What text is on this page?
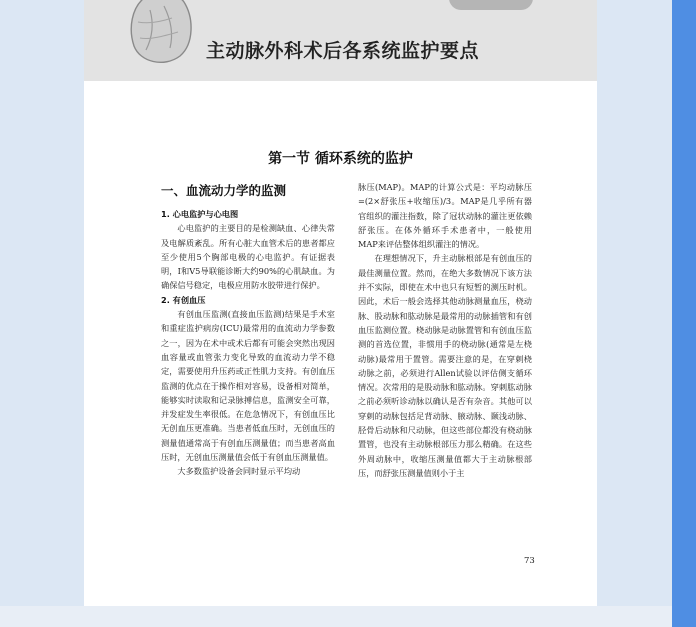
主动脉外科术后各系统监护要点
第一节 循环系统的监护
一、血流动力学的监测

1. 心电监护与心电图

心电监护的主要目的是检测缺血、心律失常及电解质紊乱。所有心脏大血管术后的患者都应至少使用5个胸部电极的心电监护。有证据表明，Ⅰ和V5导联能诊断大约90%的心肌缺血。为确保信号稳定，电极应用防水胶带进行保护。

2. 有创血压

有创血压监测(直接血压监测)结果是手术室和重症监护病房(ICU)最常用的血流动力学参数之一，因为在术中或术后都有可能会突然出现因血容量或血管张力变化导致的血流动力学不稳定，需要使用升压药或正性肌力支持。有创血压监测的优点在于操作相对容易，设备相对简单，能够实时读取和记录脉搏信息，监测安全可靠，并发症发生率很低。在危急情况下，有创血压比无创血压更准确。当患者低血压时，无创血压的测量值通常高于有创血压测量值；而当患者高血压时，无创血压测量值会低于有创血压测量值。

大多数监护设备会同时显示平均动

脉压(MAP)。MAP的计算公式是：平均动脉压=(2×舒张压+收缩压)/3。MAP是几乎所有器官组织的灌注指数，除了冠状动脉的灌注更依赖舒张压。在体外循环手术患者中，一般使用MAP来评估整体组织灌注的情况。

在理想情况下，升主动脉根部是有创血压的最佳测量位置。然而，在绝大多数情况下该方法并不实际，即使在术中也只有短暂的测压时机。因此，术后一般会选择其他动脉测量血压，桡动脉、股动脉和肱动脉是最常用的动脉插管和有创血压监测位置。桡动脉是动脉置管和有创血压监测的首选位置，非惯用手的桡动脉(通常是左桡动脉)最常用于置管。需要注意的是，在穿刺桡动脉之前，必须进行Allen试验以评估侧支循环情况。次常用的是股动脉和肱动脉。穿刺肱动脉之前必须听诊动脉以确认是否有杂音。其他可以穿刺的动脉包括足背动脉、腋动脉、颞浅动脉、胫骨后动脉和尺动脉，但这些部位都没有桡动脉置管，也没有主动脉根部压力那么精确。在这些外周动脉中，收缩压测量值都大于主动脉根部压，而舒张压测量值则小于主

73
